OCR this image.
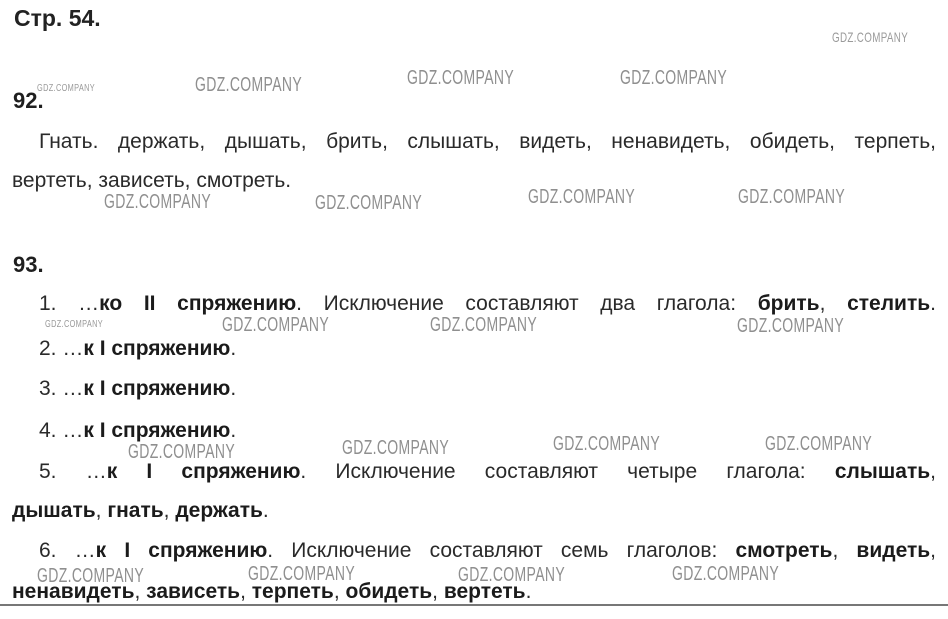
GDZ.COMPANY
GDZ.COMPANY	GDZ.COMPANY	GDZ.COMPANY	GDZ.COMPANY
GDZ.COMPANY	GDZ.COMPANY	GDZ.COMPANY	GDZ.COMPANY
GDZ.COMPANY	GDZ.COMPANY	GDZ.COMPANY	GDZ.COMPANY
GDZ.COMPANY	GDZ.COMPANY	GDZ.COMPANY	GDZ.COMPANY
GDZ.COMPANY	GDZ.COMPANY	GDZ.COMPANY	GDZ.COMPANY
Стр. 54.
92.
Гнать. держать, дышать, брить, слышать, видеть, ненавидеть, обидеть, терпеть,
вертеть, зависеть, смотреть.
93.
1. …ко II спряжению. Исключение составляют два глагола: брить, стелить.
2. …к I спряжению.
3. …к I спряжению.
4. …к I спряжению.
5. …к I спряжению. Исключение составляют четыре глагола: слышать,
дышать, гнать, держать.
6. …к I спряжению. Исключение составляют семь глаголов: смотреть, видеть,
ненавидеть, зависеть, терпеть, обидеть, вертеть.
